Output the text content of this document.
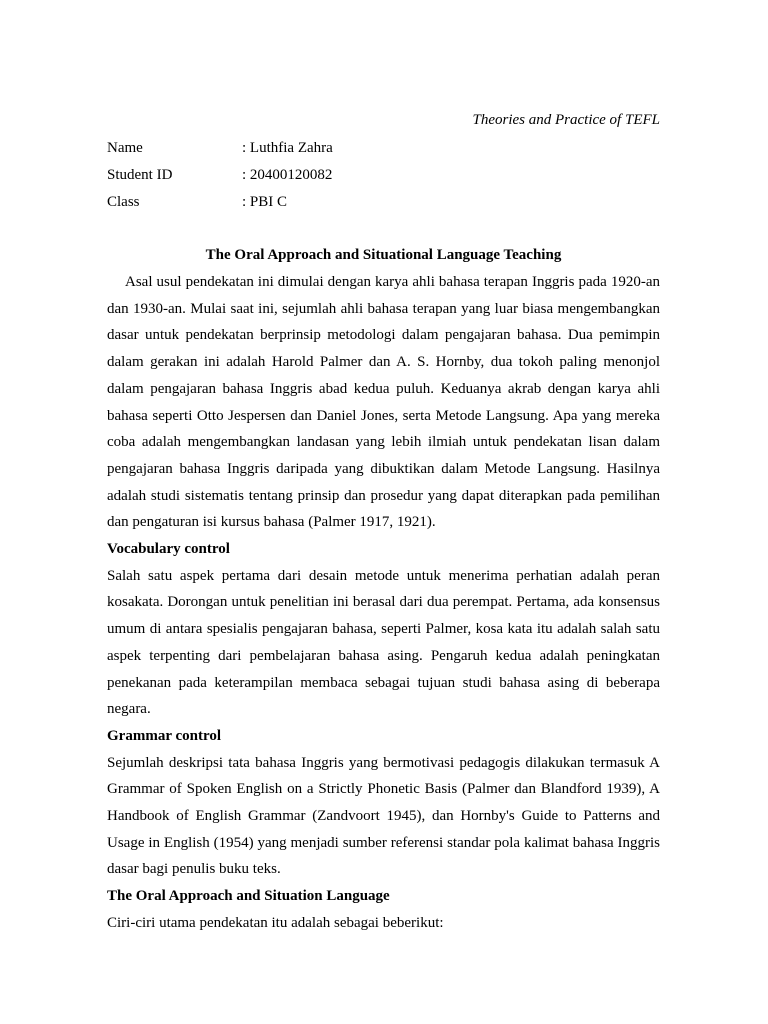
Theories and Practice of TEFL
Name	: Luthfia Zahra
Student ID	: 20400120082
Class	: PBI C
The Oral Approach and Situational Language Teaching

Asal usul pendekatan ini dimulai dengan karya ahli bahasa terapan Inggris pada 1920-an dan 1930-an. Mulai saat ini, sejumlah ahli bahasa terapan yang luar biasa mengembangkan dasar untuk pendekatan berprinsip metodologi dalam pengajaran bahasa. Dua pemimpin dalam gerakan ini adalah Harold Palmer dan A. S. Hornby, dua tokoh paling menonjol dalam pengajaran bahasa Inggris abad kedua puluh. Keduanya akrab dengan karya ahli bahasa seperti Otto Jespersen dan Daniel Jones, serta Metode Langsung. Apa yang mereka coba adalah mengembangkan landasan yang lebih ilmiah untuk pendekatan lisan dalam pengajaran bahasa Inggris daripada yang dibuktikan dalam Metode Langsung. Hasilnya adalah studi sistematis tentang prinsip dan prosedur yang dapat diterapkan pada pemilihan dan pengaturan isi kursus bahasa (Palmer 1917, 1921).

Vocabulary control

Salah satu aspek pertama dari desain metode untuk menerima perhatian adalah peran kosakata. Dorongan untuk penelitian ini berasal dari dua perempat. Pertama, ada konsensus umum di antara spesialis pengajaran bahasa, seperti Palmer, kosa kata itu adalah salah satu aspek terpenting dari pembelajaran bahasa asing. Pengaruh kedua adalah peningkatan penekanan pada keterampilan membaca sebagai tujuan studi bahasa asing di beberapa negara.

Grammar control

Sejumlah deskripsi tata bahasa Inggris yang bermotivasi pedagogis dilakukan termasuk A Grammar of Spoken English on a Strictly Phonetic Basis (Palmer dan Blandford 1939), A Handbook of English Grammar (Zandvoort 1945), dan Hornby's Guide to Patterns and Usage in English (1954) yang menjadi sumber referensi standar pola kalimat bahasa Inggris dasar bagi penulis buku teks.

The Oral Approach and Situation Language

Ciri-ciri utama pendekatan itu adalah sebagai beberikut:
